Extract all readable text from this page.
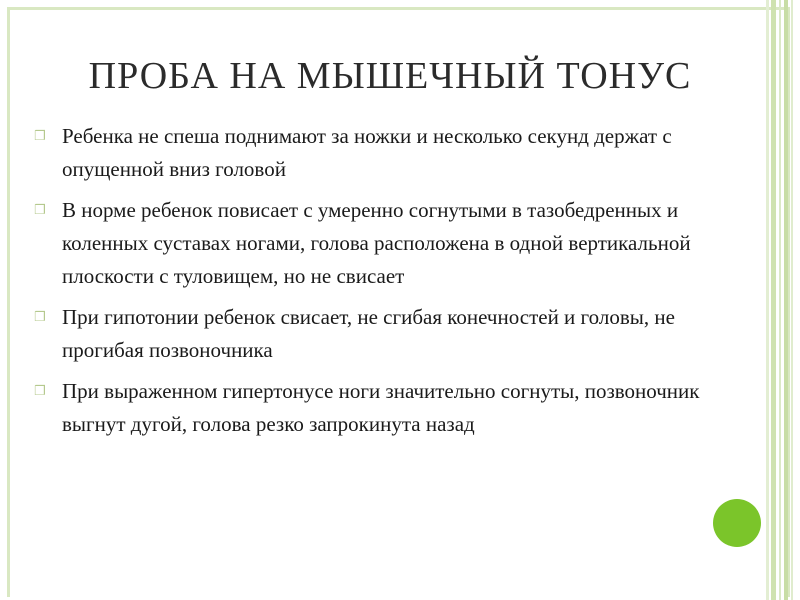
ПРОБА НА МЫШЕЧНЫЙ ТОНУС
❒ Ребенка не спеша поднимают за ножки и несколько секунд держат с опущенной вниз головой
❒ В норме ребенок повисает с умеренно согнутыми в тазобедренных и коленных суставах ногами, голова расположена в одной вертикальной плоскости с туловищем, но не свисает
❒ При гипотонии ребенок свисает, не сгибая конечностей и головы, не прогибая позвоночника
❒ При выраженном гипертонусе ноги значительно согнуты, позвоночник выгнут дугой, голова резко запрокинута назад
